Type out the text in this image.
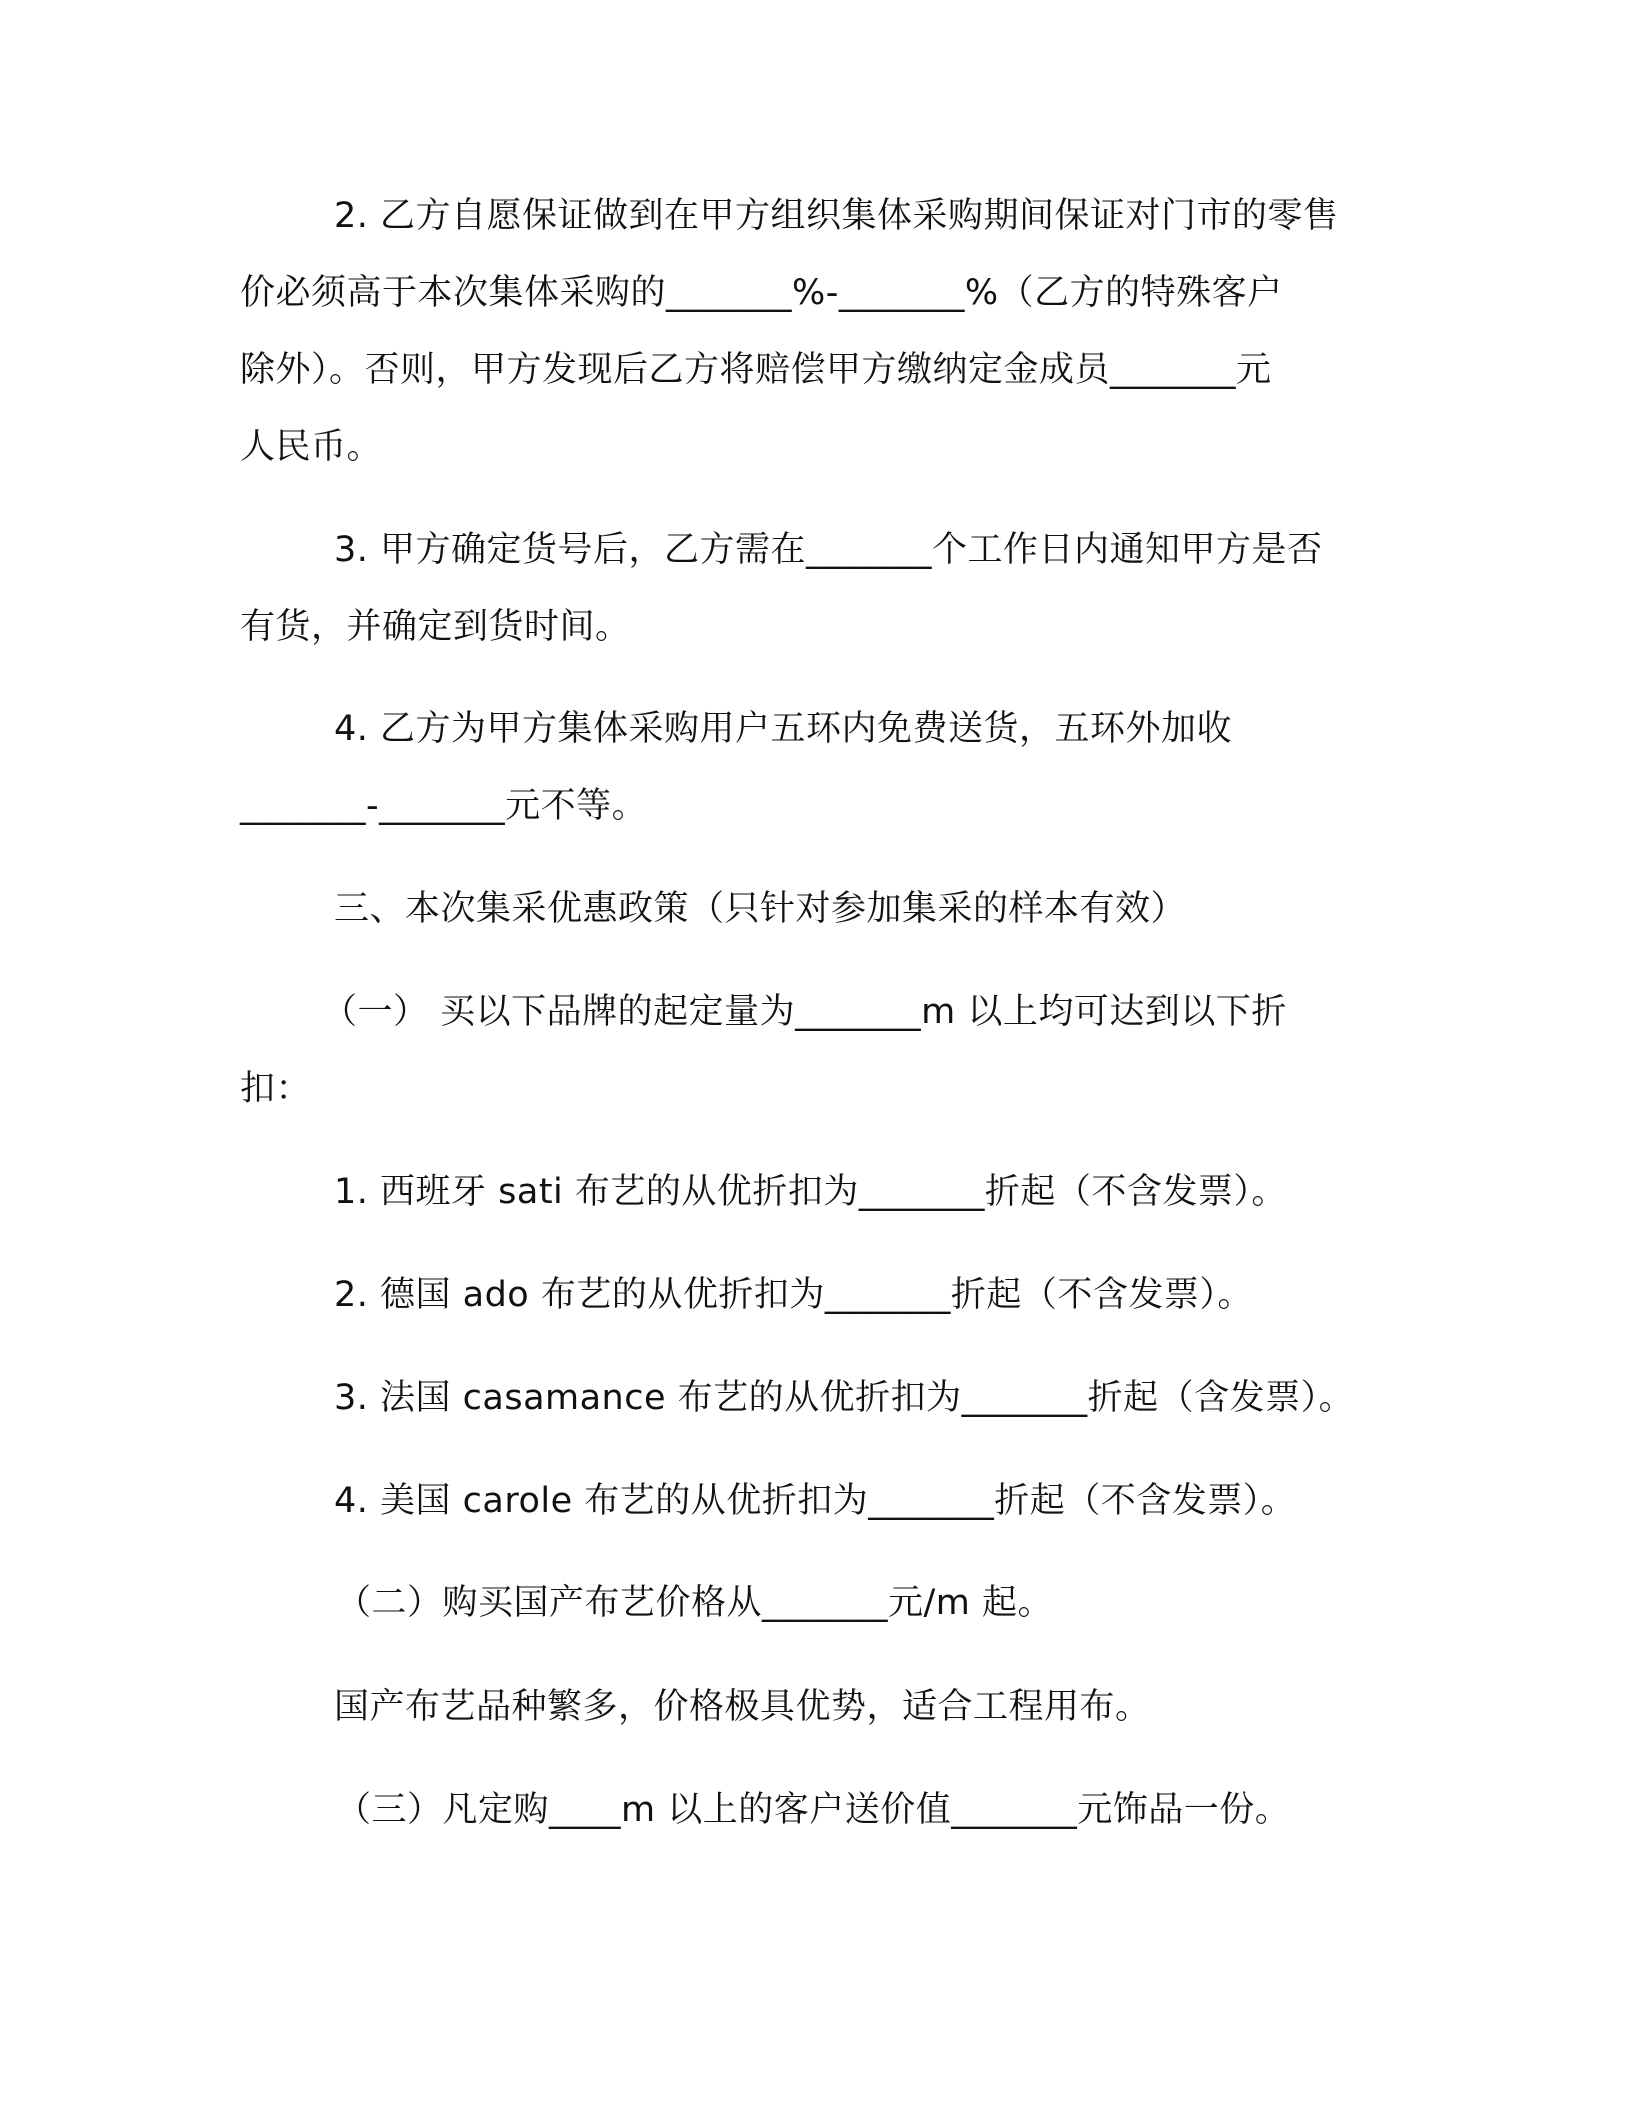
2. 乙方自愿保证做到在甲方组织集体采购期间保证对门市的零售

价必须高于本次集体采购的_______%-_______%（乙方的特殊客户

除外）。否则，甲方发现后乙方将赔偿甲方缴纳定金成员_______元

人民币。

3. 甲方确定货号后，乙方需在_______个工作日内通知甲方是否

有货，并确定到货时间。

4. 乙方为甲方集体采购用户五环内免费送货，五环外加收

_______-_______元不等。

三、本次集采优惠政策（只针对参加集采的样本有效）

（一） 买以下品牌的起定量为_______m 以上均可达到以下折

扣：

1. 西班牙 sati 布艺的从优折扣为_______折起（不含发票）。

2. 德国 ado 布艺的从优折扣为_______折起（不含发票）。

3. 法国 casamance 布艺的从优折扣为_______折起（含发票）。

4. 美国 carole 布艺的从优折扣为_______折起（不含发票）。

（二）购买国产布艺价格从_______元/m 起。

国产布艺品种繁多，价格极具优势，适合工程用布。

（三）凡定购____m 以上的客户送价值_______元饰品一份。
